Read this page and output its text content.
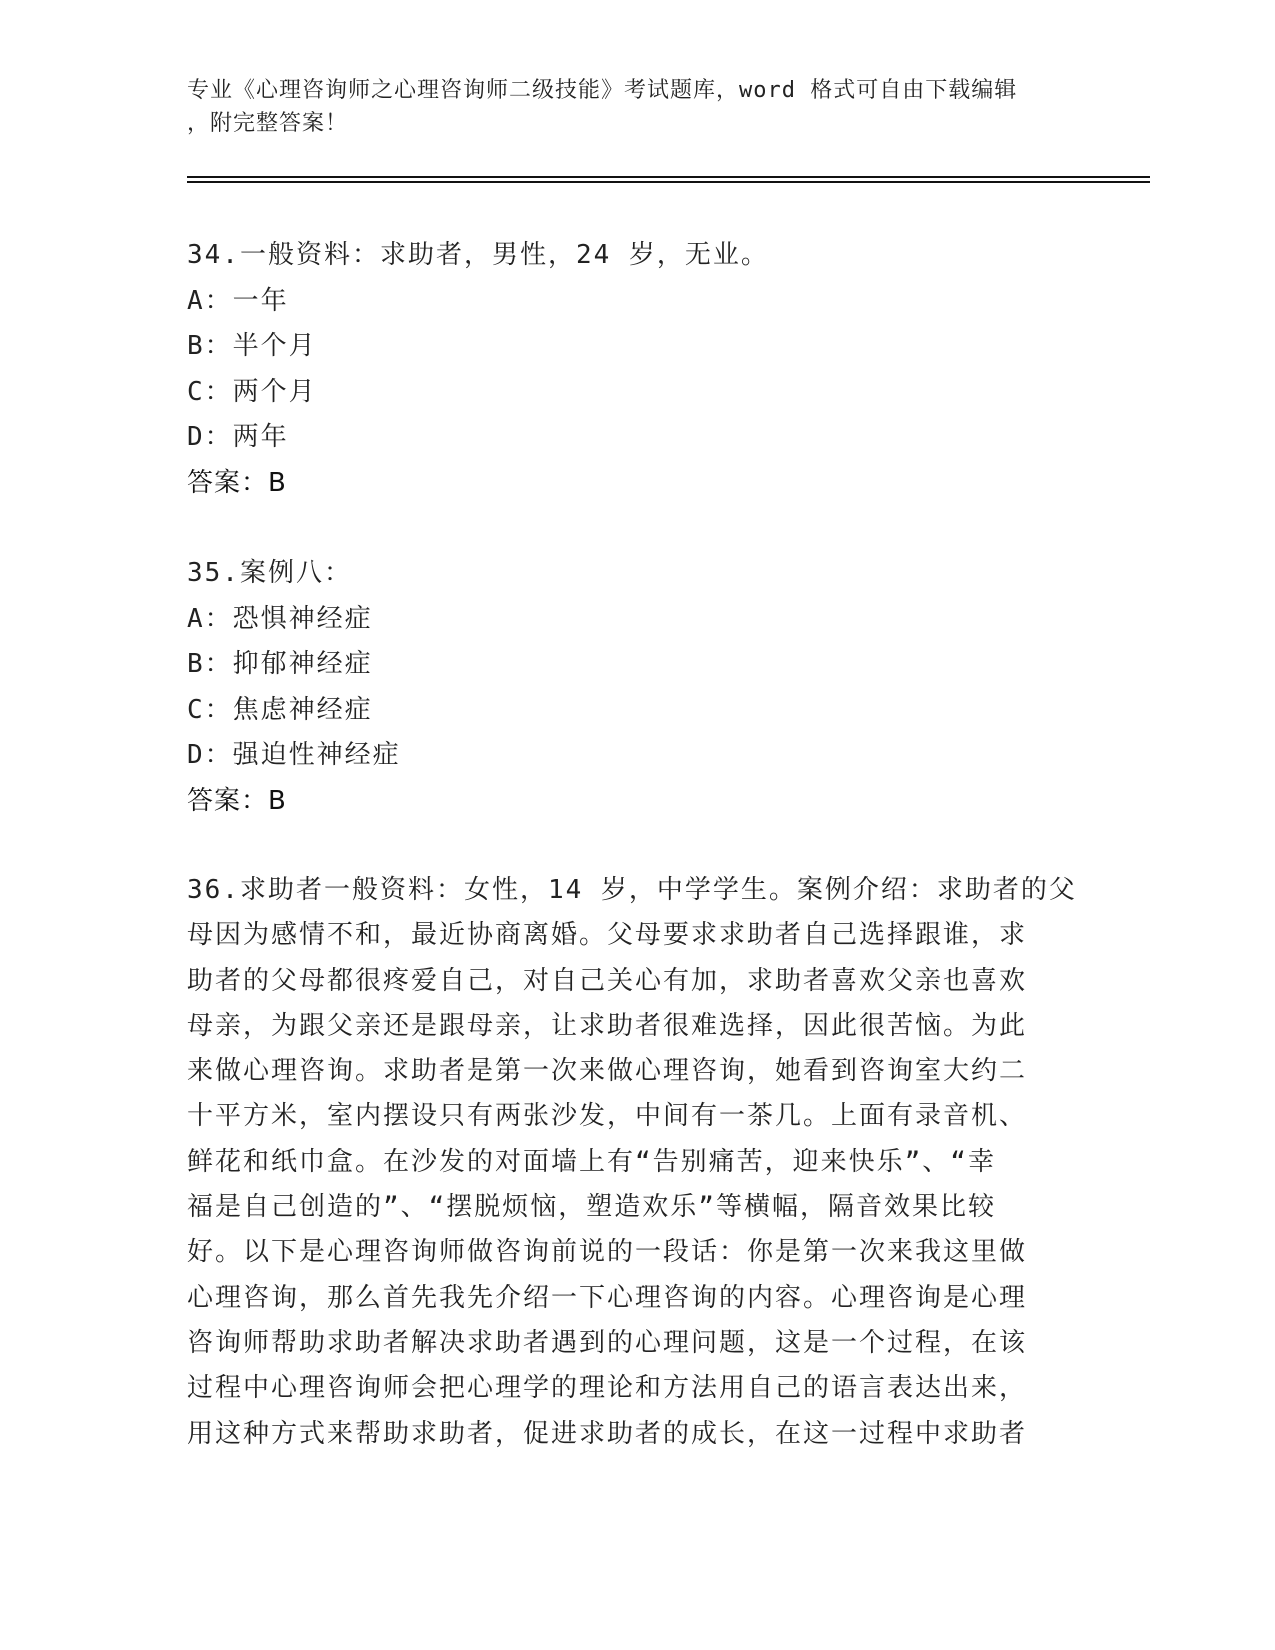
专业《心理咨询师之心理咨询师二级技能》考试题库，word 格式可自由下载编辑
，附完整答案！
34.一般资料：求助者，男性，24 岁，无业。
A：一年
B：半个月
C：两个月
D：两年
答案：B
35.案例八：
A：恐惧神经症
B：抑郁神经症
C：焦虑神经症
D：强迫性神经症
答案：B
36.求助者一般资料：女性，14 岁，中学学生。案例介绍：求助者的父
母因为感情不和，最近协商离婚。父母要求求助者自己选择跟谁，求
助者的父母都很疼爱自己，对自己关心有加，求助者喜欢父亲也喜欢
母亲，为跟父亲还是跟母亲，让求助者很难选择，因此很苦恼。为此
来做心理咨询。求助者是第一次来做心理咨询，她看到咨询室大约二
十平方米，室内摆设只有两张沙发，中间有一茶几。上面有录音机、
鲜花和纸巾盒。在沙发的对面墙上有“告别痛苦，迎来快乐”、“幸
福是自己创造的”、“摆脱烦恼，塑造欢乐”等横幅，隔音效果比较
好。以下是心理咨询师做咨询前说的一段话：你是第一次来我这里做
心理咨询，那么首先我先介绍一下心理咨询的内容。心理咨询是心理
咨询师帮助求助者解决求助者遇到的心理问题，这是一个过程，在该
过程中心理咨询师会把心理学的理论和方法用自己的语言表达出来，
用这种方式来帮助求助者，促进求助者的成长，在这一过程中求助者
